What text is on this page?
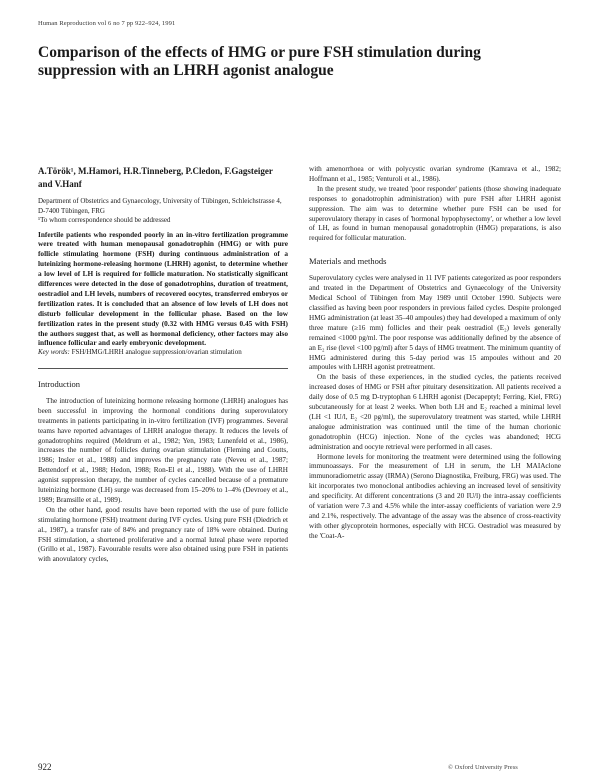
Human Reproduction vol 6 no 7 pp 922–924, 1991
Comparison of the effects of HMG or pure FSH stimulation during suppression with an LHRH agonist analogue

A.Török¹, M.Hamori, H.R.Tinneberg, P.Cledon, F.Gagsteiger and V.Hanf

Department of Obstetrics and Gynaecology, University of Tübingen, Schleichstrasse 4, D-7400 Tübingen, FRG

¹To whom correspondence should be addressed

Infertile patients who responded poorly in an in-vitro fertilization programme were treated with human menopausal gonadotrophin (HMG) or with pure follicle stimulating hormone (FSH) during continuous administration of a luteinizing hormone-releasing hormone (LHRH) agonist, to determine whether a low level of LH is required for follicle maturation. No statistically significant differences were detected in the dose of gonadotrophins, duration of treatment, oestradiol and LH levels, numbers of recovered oocytes, transferred embryos or fertilization rates. It is concluded that an absence of low levels of LH does not disturb follicular development in the follicular phase. Based on the low fertilization rates in the present study (0.32 with HMG versus 0.45 with FSH) the authors suggest that, as well as hormonal deficiency, other factors may also influence follicular and early embryonic development.

Key words: FSH/HMG/LHRH analogue suppression/ovarian stimulation

Introduction

The introduction of luteinizing hormone releasing hormone (LHRH) analogues has been successful in improving the hormonal conditions during superovulatory treatments in patients participating in in-vitro fertilization (IVF) programmes. Several teams have reported advantages of LHRH analogue therapy. It reduces the levels of gonadotrophins required (Meldrum et al., 1982; Yen, 1983; Lunenfeld et al., 1986), increases the number of follicles during ovarian stimulation (Fleming and Coutts, 1986; Insler et al., 1988) and improves the pregnancy rate (Neveu et al., 1987; Bettendorf et al., 1988; Hedon, 1988; Ron-El et al., 1988). With the use of LHRH agonist suppression therapy, the number of cycles cancelled because of a premature luteinizing hormone (LH) surge was decreased from 15–20% to 1–4% (Devroey et al., 1989; Bramsille et al., 1989).

On the other hand, good results have been reported with the use of pure follicle stimulating hormone (FSH) treatment during IVF cycles. Using pure FSH (Diedrich et al., 1987), a transfer rate of 84% and pregnancy rate of 18% were obtained. During FSH stimulation, a shortened proliferative and a normal luteal phase were reported (Grillo et al., 1987). Favourable results were also obtained using pure FSH in patients with anovulatory cycles,

with amenorrhoea or with polycystic ovarian syndrome (Kamrava et al., 1982; Hoffmann et al., 1985; Venturoli et al., 1986).

In the present study, we treated 'poor responder' patients (those showing inadequate responses to gonadotrophin administration) with pure FSH after LHRH agonist suppression. The aim was to determine whether pure FSH can be used for superovulatory therapy in cases of 'hormonal hypophysectomy', or whether a low level of LH, as found in human menopausal gonadotrophin (HMG) preparations, is also required for follicular maturation.

Materials and methods

Superovulatory cycles were analysed in 11 IVF patients categorized as poor responders and treated in the Department of Obstetrics and Gynaecology of the University Medical School of Tübingen from May 1989 until October 1990. Subjects were classified as having been poor responders in previous failed cycles. Despite prolonged HMG administration (at least 35–40 ampoules) they had developed a maximum of only three mature (≥16 mm) follicles and their peak oestradiol (E₂) levels generally remained <1000 pg/ml. The poor response was additionally defined by the absence of an E₂ rise (level <100 pg/ml) after 5 days of HMG treatment. The minimum quantity of HMG administered during this 5-day period was 15 ampoules without and 20 ampoules with LHRH agonist pretreatment.

On the basis of these experiences, in the studied cycles, the patients received increased doses of HMG or FSH after pituitary desensitization. All patients received a daily dose of 0.5 mg D-tryptophan 6 LHRH agonist (Decapeptyl; Ferring, Kiel, FRG) subcutaneously for at least 2 weeks. When both LH and E₂ reached a minimal level (LH <1 IU/l, E₂ <20 pg/ml), the superovulatory treatment was started, while LHRH analogue administration was continued until the time of the human chorionic gonadotrophin (HCG) injection. None of the cycles was abandoned; HCG administration and oocyte retrieval were performed in all cases.

Hormone levels for monitoring the treatment were determined using the following immunoassays. For the measurement of LH in serum, the LH MAIAclone immunoradiometric assay (IRMA) (Serono Diagnostika, Freiburg, FRG) was used. The kit incorporates two monoclonal antibodies achieving an increased level of sensitivity and specificity. At different concentrations (3 and 20 IU/l) the intra-assay coefficients of variation were 7.3 and 4.5% while the inter-assay coefficients of variation were 2.9 and 2.1%, respectively. The advantage of the assay was the absence of cross-reactivity with other glycoprotein hormones, especially with HCG. Oestradiol was measured by the 'Coat-A-

922	© Oxford University Press
